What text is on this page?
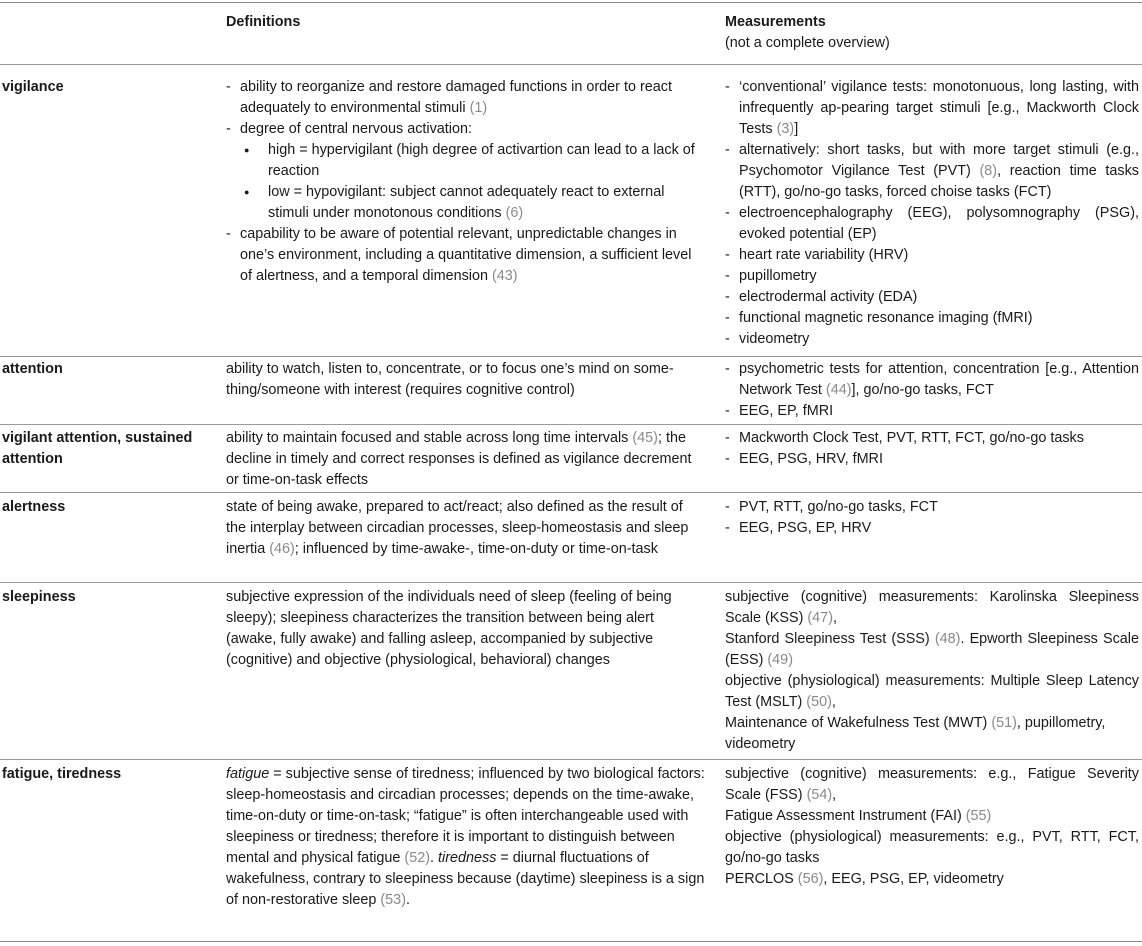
Definitions	Measurements
(not a complete overview)
vigilance
-	ability to reorganize and restore damaged functions in order to react adequately to environmental stimuli (1)
- degree of central nervous activation:
● high = hypervigilant (high degree of activartion can lead to a lack of reaction
● low = hypovigilant: subject cannot adequately react to external stimuli under monotonous conditions (6)
- capability to be aware of potential relevant, unpredictable changes in one’s environment, including a quantitative dimension, a sufficient level of alertness, and a temporal dimension (43)
- ‘conventional’ vigilance tests: monotonuous, long lasting, with infrequently ap-pearing target stimuli [e.g., Mackworth Clock Tests (3)]
- alternatively: short tasks, but with more target stimuli (e.g., Psychomotor Vigilance Test (PVT) (8), reaction time tasks (RTT), go/no-go tasks, forced choise tasks (FCT)
- electroencephalography (EEG), polysomnography (PSG), evoked potential (EP)
- heart rate variability (HRV)
- pupillometry
- electrodermal activity (EDA)
- functional magnetic resonance imaging (fMRI)
- videometry
attention	ability to watch, listen to, concentrate, or to focus one’s mind on some-thing/someone with interest (requires cognitive control)
- psychometric tests for attention, concentration [e.g., Attention Network Test (44)], go/no-go tasks, FCT
- EEG, EP, fMRI
vigilant attention, sustained attention
ability to maintain focused and stable across long time intervals (45); the decline in timely and correct responses is defined as vigilance decrement or time-on-task effects
- Mackworth Clock Test, PVT, RTT, FCT, go/no-go tasks
- EEG, PSG, HRV, fMRI
alertness	state of being awake, prepared to act/react; also defined as the result of the interplay between circadian processes, sleep-homeostasis and sleep inertia (46); influenced by time-awake-, time-on-duty or time-on-task
- PVT, RTT, go/no-go tasks, FCT
- EEG, PSG, EP, HRV
sleepiness	subjective expression of the individuals need of sleep (feeling of being sleepy); sleepiness characterizes the transition between being alert (awake, fully awake) and falling asleep, accompanied by subjective (cognitive) and objective (physiological, behavioral) changes
subjective (cognitive) measurements: Karolinska Sleepiness Scale (KSS) (47),
Stanford Sleepiness Test (SSS) (48). Epworth Sleepiness Scale (ESS) (49)
objective (physiological) measurements: Multiple Sleep Latency Test (MSLT) (50),
Maintenance of Wakefulness Test (MWT) (51), pupillometry, videometry
fatigue, tiredness	fatigue = subjective sense of tiredness; influenced by two biological factors: sleep-homeostasis and circadian processes; depends on the time-awake, time-on-duty or time-on-task; “fatigue” is often interchangeable used with sleepiness or tiredness; therefore it is important to distinguish between mental and physical fatigue (52). tiredness = diurnal fluctuations of wakefulness, contrary to sleepiness because (daytime) sleepiness is a sign of non-restorative sleep (53).
subjective (cognitive) measurements: e.g., Fatigue Severity Scale (FSS) (54),
Fatigue Assessment Instrument (FAI) (55)
objective (physiological) measurements: e.g., PVT, RTT, FCT, go/no-go tasks
PERCLOS (56), EEG, PSG, EP, videometry
